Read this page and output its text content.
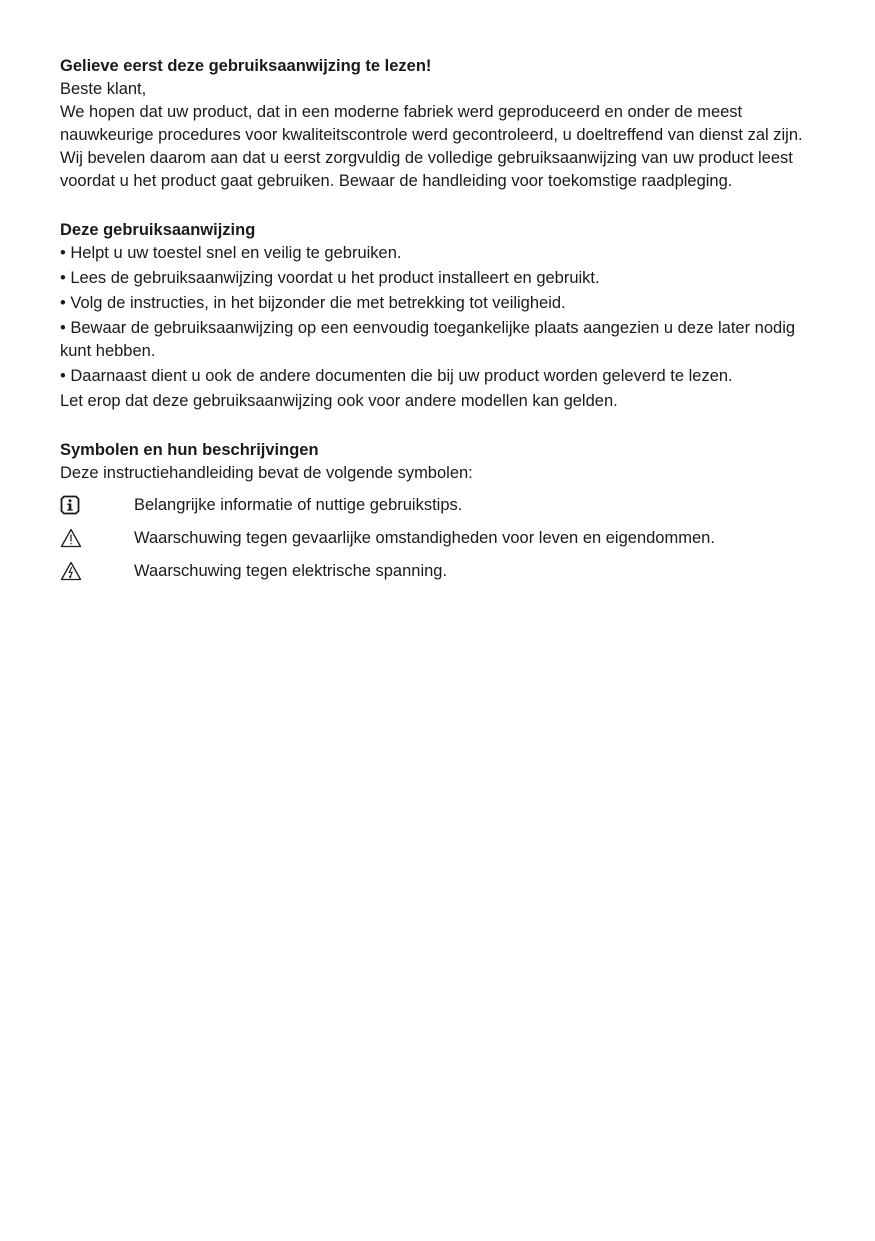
Gelieve eerst deze gebruiksaanwijzing te lezen!

Beste klant,

We hopen dat uw product, dat in een moderne fabriek werd geproduceerd en onder de meest nauwkeurige procedures voor kwaliteitscontrole werd gecontroleerd, u doeltreffend van dienst zal zijn.

Wij bevelen daarom aan dat u eerst zorgvuldig de volledige gebruiksaanwijzing van uw product leest voordat u het product gaat gebruiken. Bewaar de handleiding voor toekomstige raadpleging.

Deze gebruiksaanwijzing

• Helpt u uw toestel snel en veilig te gebruiken.

• Lees de gebruiksaanwijzing voordat u het product installeert en gebruikt.

• Volg de instructies, in het bijzonder die met betrekking tot veiligheid.

• Bewaar de gebruiksaanwijzing op een eenvoudig toegankelijke plaats aangezien u deze later nodig kunt hebben.

• Daarnaast dient u ook de andere documenten die bij uw product worden geleverd te lezen.

Let erop dat deze gebruiksaanwijzing ook voor andere modellen kan gelden.

Symbolen en hun beschrijvingen

Deze instructiehandleiding bevat de volgende symbolen:

Belangrijke informatie of nuttige gebruikstips.
Waarschuwing tegen gevaarlijke omstandigheden voor leven en eigendommen.
Waarschuwing tegen elektrische spanning.
